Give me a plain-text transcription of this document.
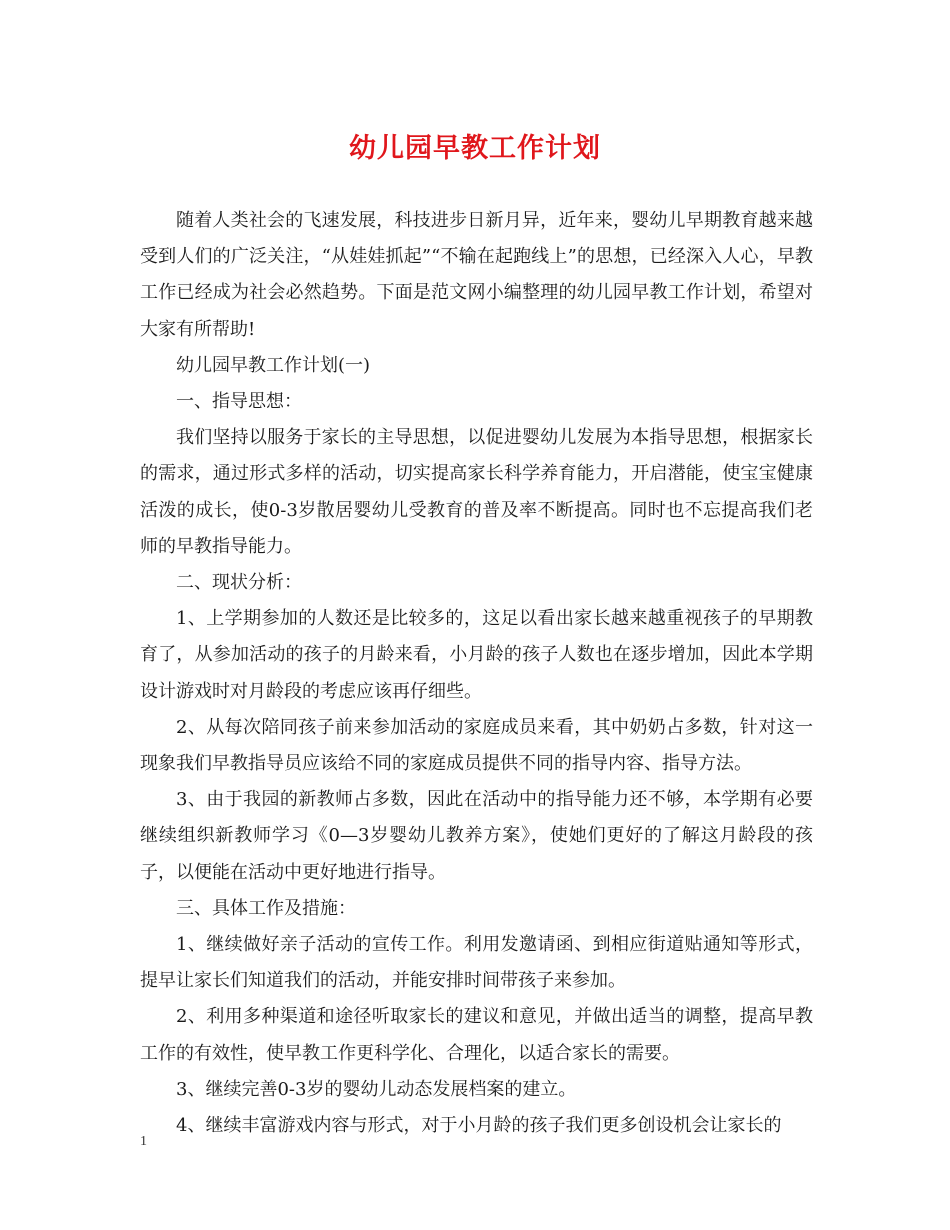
幼儿园早教工作计划

随着人类社会的飞速发展，科技进步日新月异，近年来，婴幼儿早期教育越来越受到人们的广泛关注，“从娃娃抓起”“不输在起跑线上”的思想，已经深入人心，早教工作已经成为社会必然趋势。下面是范文网小编整理的幼儿园早教工作计划，希望对大家有所帮助!

幼儿园早教工作计划(一)

一、指导思想：

我们坚持以服务于家长的主导思想，以促进婴幼儿发展为本指导思想，根据家长的需求，通过形式多样的活动，切实提高家长科学养育能力，开启潜能，使宝宝健康活泼的成长，使0-3岁散居婴幼儿受教育的普及率不断提高。同时也不忘提高我们老师的早教指导能力。

二、现状分析：

1、上学期参加的人数还是比较多的，这足以看出家长越来越重视孩子的早期教育了，从参加活动的孩子的月龄来看，小月龄的孩子人数也在逐步增加，因此本学期设计游戏时对月龄段的考虑应该再仔细些。

2、从每次陪同孩子前来参加活动的家庭成员来看，其中奶奶占多数，针对这一现象我们早教指导员应该给不同的家庭成员提供不同的指导内容、指导方法。

3、由于我园的新教师占多数，因此在活动中的指导能力还不够，本学期有必要继续组织新教师学习《0—3岁婴幼儿教养方案》，使她们更好的了解这月龄段的孩子，以便能在活动中更好地进行指导。

三、具体工作及措施：

1、继续做好亲子活动的宣传工作。利用发邀请函、到相应街道贴通知等形式，提早让家长们知道我们的活动，并能安排时间带孩子来参加。

2、利用多种渠道和途径听取家长的建议和意见，并做出适当的调整，提高早教工作的有效性，使早教工作更科学化、合理化，以适合家长的需要。

3、继续完善0-3岁的婴幼儿动态发展档案的建立。

4、继续丰富游戏内容与形式，对于小月龄的孩子我们更多创设机会让家长的

1
